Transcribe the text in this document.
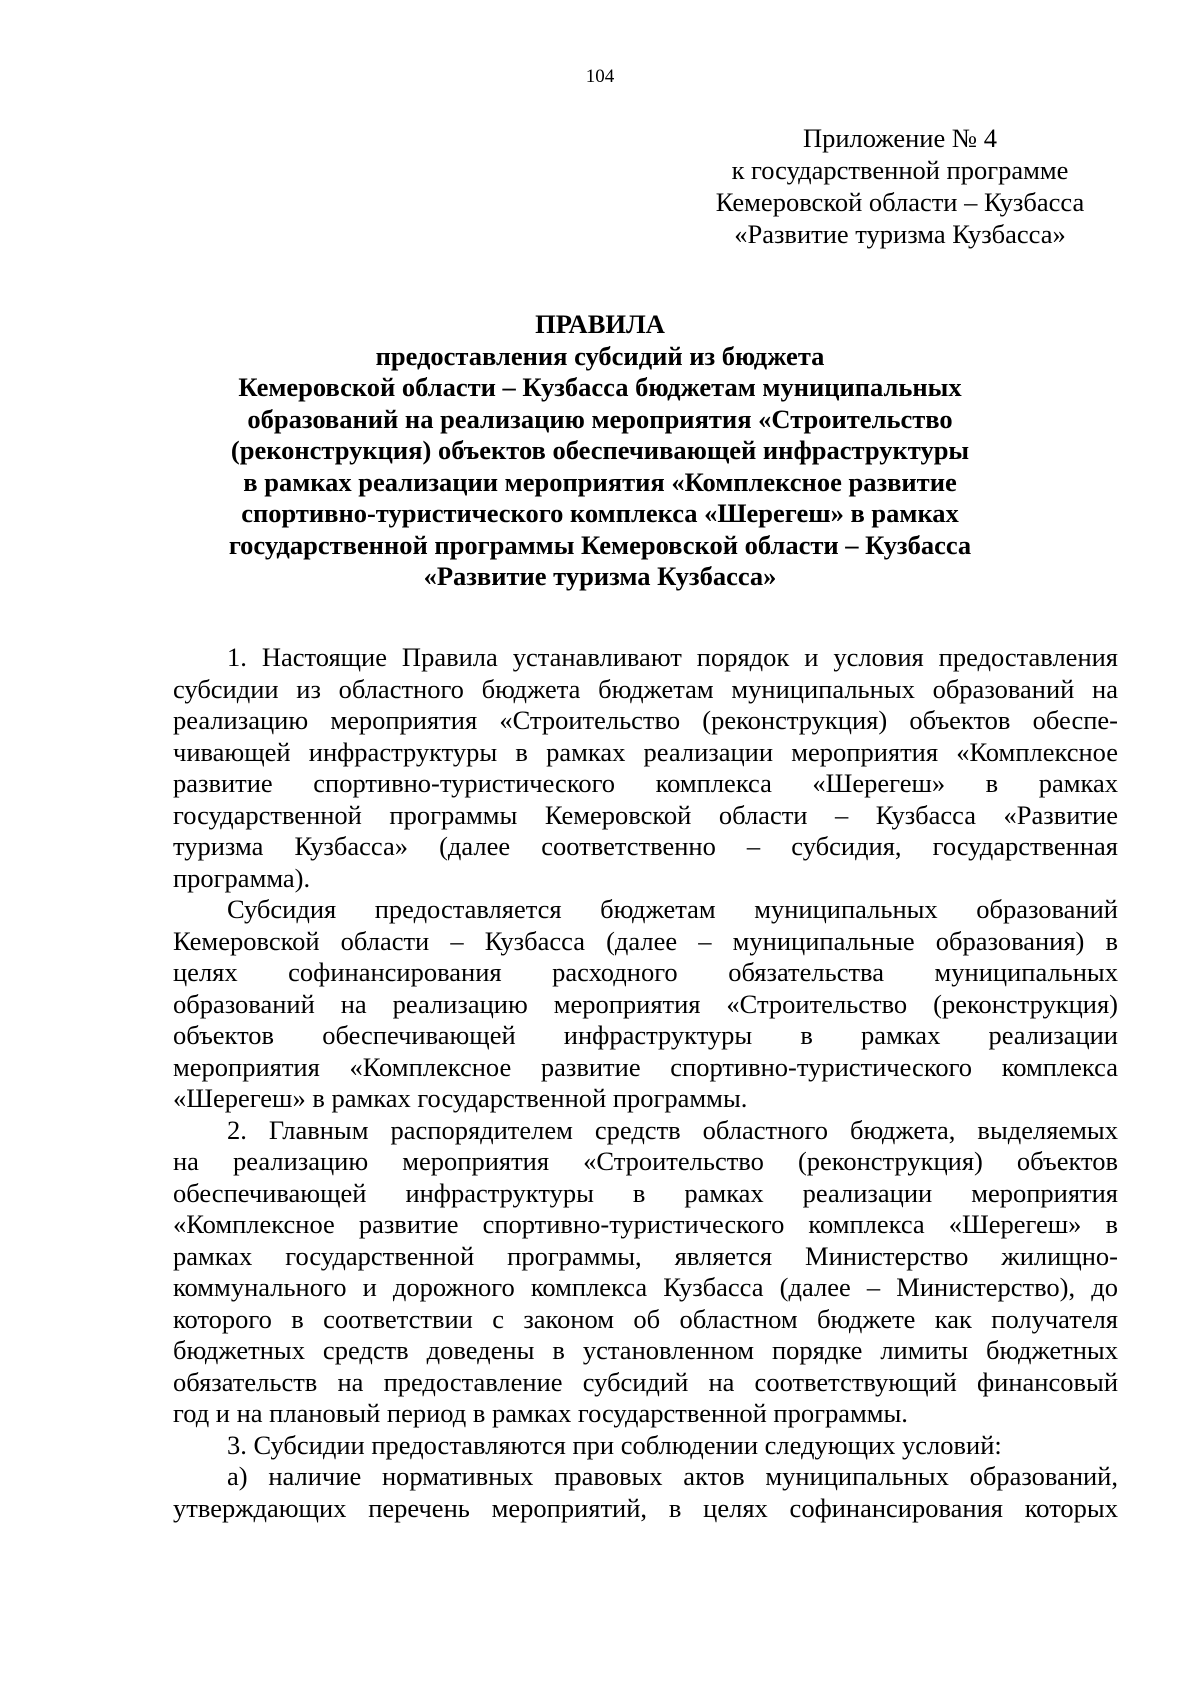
104
Приложение № 4
к государственной программе
Кемеровской области – Кузбасса
«Развитие туризма Кузбасса»
ПРАВИЛА
предоставления субсидий из бюджета
Кемеровской области – Кузбасса бюджетам муниципальных
образований на реализацию мероприятия «Строительство
(реконструкция) объектов обеспечивающей инфраструктуры
в рамках реализации мероприятия «Комплексное развитие
спортивно-туристического комплекса «Шерегеш» в рамках
государственной программы Кемеровской области – Кузбасса
«Развитие туризма Кузбасса»
1. Настоящие Правила устанавливают порядок и условия предоставления
субсидии из областного бюджета бюджетам муниципальных образований на
реализацию мероприятия «Строительство (реконструкция) объектов обеспе-
чивающей инфраструктуры в рамках реализации мероприятия «Комплексное
развитие спортивно-туристического комплекса «Шерегеш» в рамках
государственной программы Кемеровской области – Кузбасса «Развитие
туризма Кузбасса» (далее соответственно – субсидия, государственная
программа).
Субсидия предоставляется бюджетам муниципальных образований
Кемеровской области – Кузбасса (далее – муниципальные образования) в
целях софинансирования расходного обязательства муниципальных
образований на реализацию мероприятия «Строительство (реконструкция)
объектов обеспечивающей инфраструктуры в рамках реализации
мероприятия «Комплексное развитие спортивно-туристического комплекса
«Шерегеш» в рамках государственной программы.
2. Главным распорядителем средств областного бюджета, выделяемых
на реализацию мероприятия «Строительство (реконструкция) объектов
обеспечивающей инфраструктуры в рамках реализации мероприятия
«Комплексное развитие спортивно-туристического комплекса «Шерегеш» в
рамках государственной программы, является Министерство жилищно-
коммунального и дорожного комплекса Кузбасса (далее – Министерство), до
которого в соответствии с законом об областном бюджете как получателя
бюджетных средств доведены в установленном порядке лимиты бюджетных
обязательств на предоставление субсидий на соответствующий финансовый
год и на плановый период в рамках государственной программы.
3. Субсидии предоставляются при соблюдении следующих условий:
а) наличие нормативных правовых актов муниципальных образований,
утверждающих перечень мероприятий, в целях софинансирования которых
